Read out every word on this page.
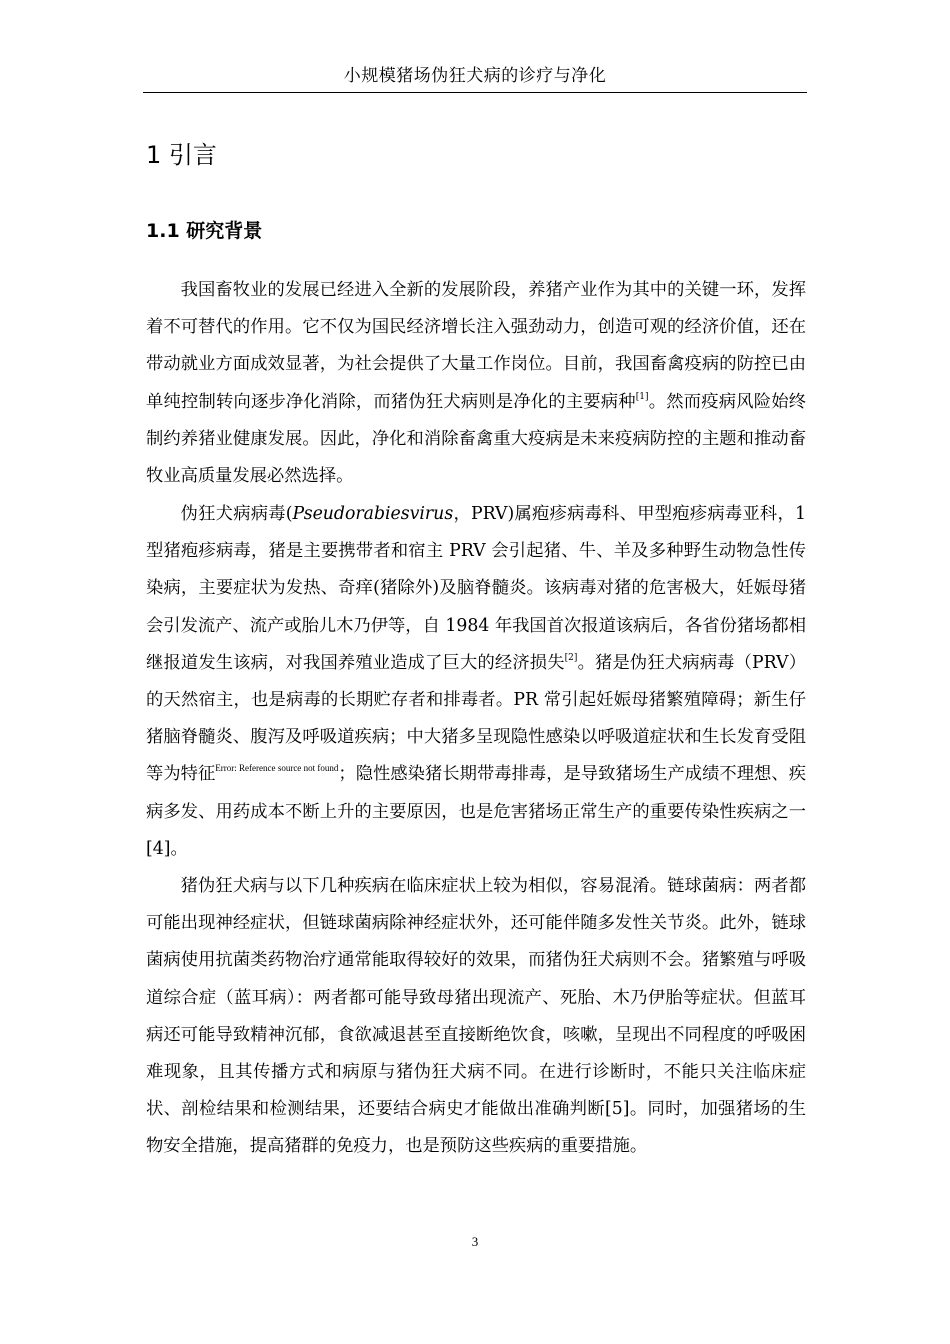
小规模猪场伪狂犬病的诊疗与净化
1 引言
1.1 研究背景

我国畜牧业的发展已经进入全新的发展阶段，养猪产业作为其中的关键一环，发挥着不可替代的作用。它不仅为国民经济增长注入强劲动力，创造可观的经济价值，还在带动就业方面成效显著，为社会提供了大量工作岗位。目前，我国畜禽疫病的防控已由单纯控制转向逐步净化消除，而猪伪狂犬病则是净化的主要病种[1]。然而疫病风险始终制约养猪业健康发展。因此，净化和消除畜禽重大疫病是未来疫病防控的主题和推动畜牧业高质量发展必然选择。

伪狂犬病病毒(Pseudorabiesvirus，PRV)属疱疹病毒科、甲型疱疹病毒亚科，1 型猪疱疹病毒，猪是主要携带者和宿主 PRV 会引起猪、牛、羊及多种野生动物急性传染病，主要症状为发热、奇痒(猪除外)及脑脊髓炎。该病毒对猪的危害极大，妊娠母猪会引发流产、流产或胎儿木乃伊等，自 1984 年我国首次报道该病后，各省份猪场都相继报道发生该病，对我国养殖业造成了巨大的经济损失[2]。猪是伪狂犬病病毒（PRV）的天然宿主，也是病毒的长期贮存者和排毒者。PR 常引起妊娠母猪繁殖障碍；新生仔猪脑脊髓炎、腹泻及呼吸道疾病；中大猪多呈现隐性感染以呼吸道症状和生长发育受阻等为特征$^{Error: Reference source not found}$；隐性感染猪长期带毒排毒，是导致猪场生产成绩不理想、疾病多发、用药成本不断上升的主要原因，也是危害猪场正常生产的重要传染性疾病之一[4]。

猪伪狂犬病与以下几种疾病在临床症状上较为相似，容易混淆。链球菌病：两者都可能出现神经症状，但链球菌病除神经症状外，还可能伴随多发性关节炎。此外，链球菌病使用抗菌类药物治疗通常能取得较好的效果，而猪伪狂犬病则不会。猪繁殖与呼吸道综合症（蓝耳病）：两者都可能导致母猪出现流产、死胎、木乃伊胎等症状。但蓝耳病还可能导致精神沉郁，食欲减退甚至直接断绝饮食，咳嗽，呈现出不同程度的呼吸困难现象，且其传播方式和病原与猪伪狂犬病不同。在进行诊断时，不能只关注临床症状、剖检结果和检测结果，还要结合病史才能做出准确判断[5]。同时，加强猪场的生物安全措施，提高猪群的免疫力，也是预防这些疾病的重要措施。

3
